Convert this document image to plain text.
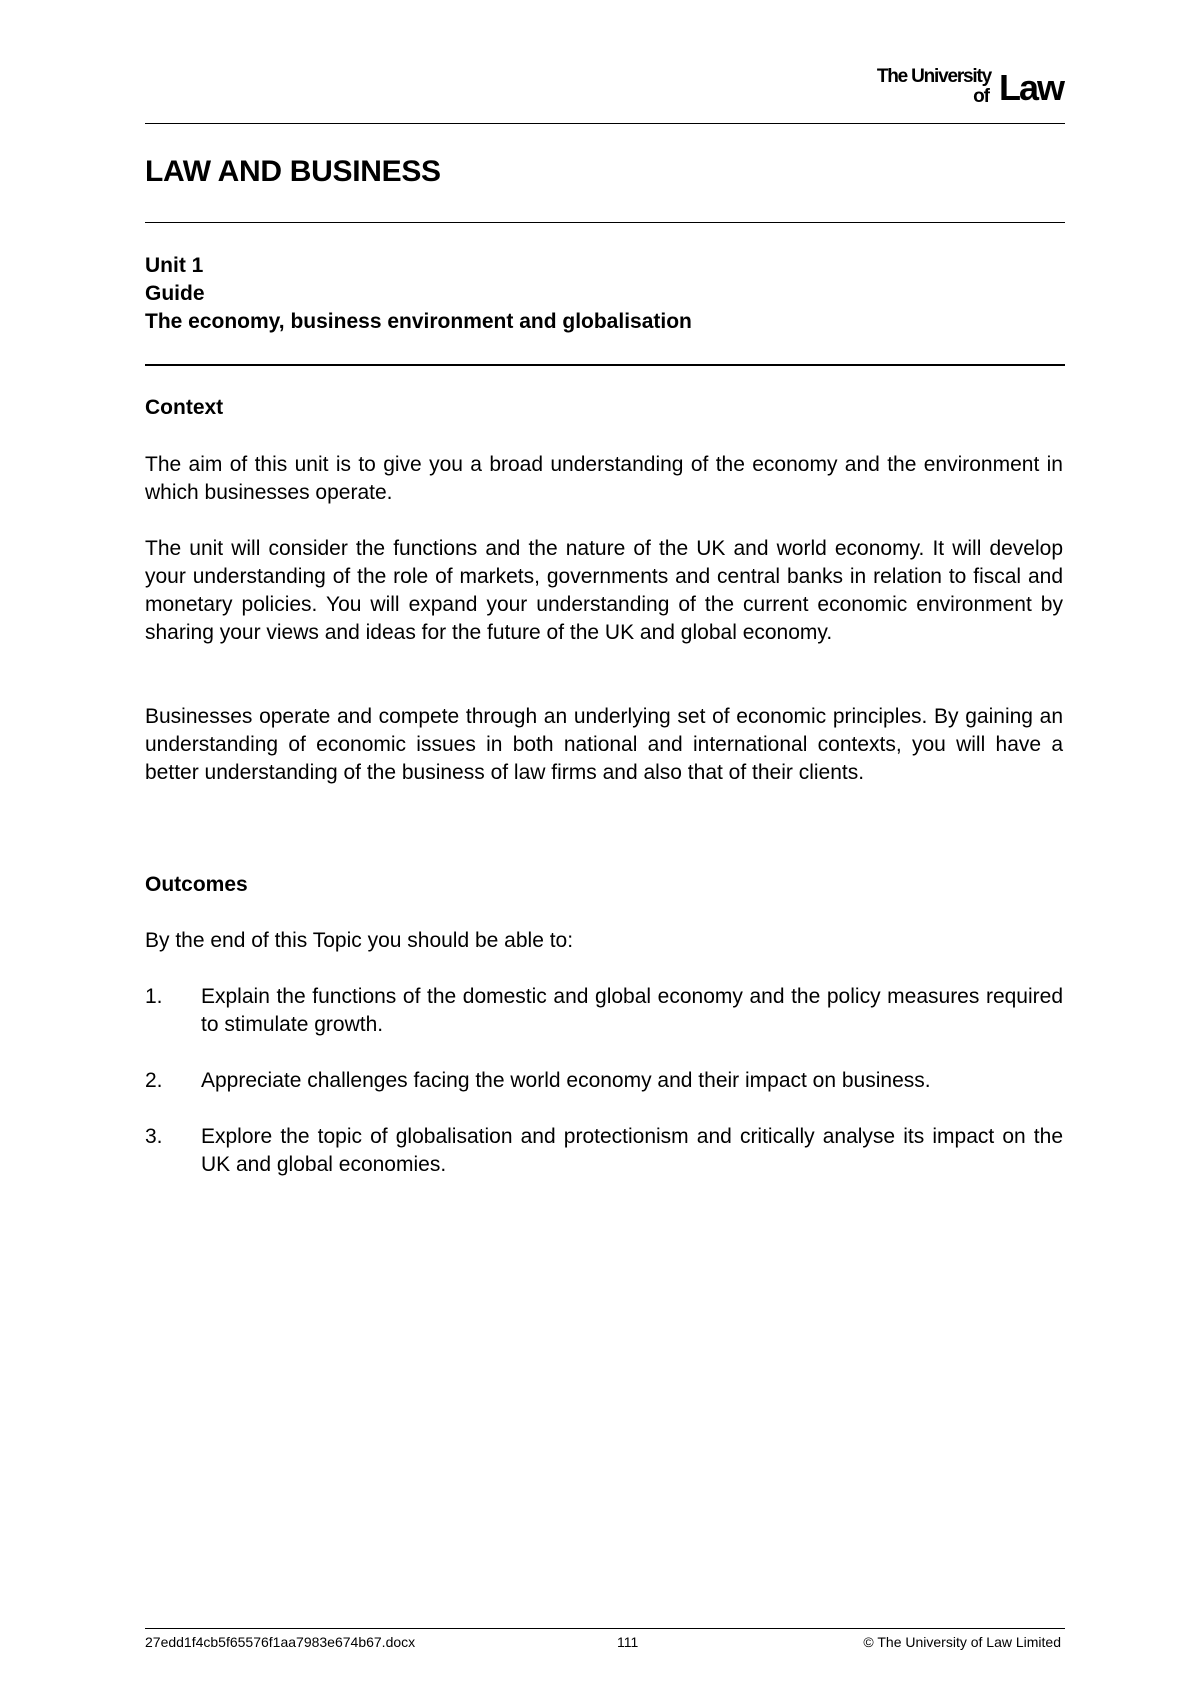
The University
of Law
LAW AND BUSINESS
Unit 1
Guide
The economy, business environment and globalisation
Context
The aim of this unit is to give you a broad understanding of the economy and the environment in which businesses operate.
The unit will consider the functions and the nature of the UK and world economy. It will develop your understanding of the role of markets, governments and central banks in relation to fiscal and monetary policies. You will expand your understanding of the current economic environment by sharing your views and ideas for the future of the UK and global economy.
Businesses operate and compete through an underlying set of economic principles. By gaining an understanding of economic issues in both national and international contexts, you will have a better understanding of the business of law firms and also that of their clients.
Outcomes
By the end of this Topic you should be able to:
1. Explain the functions of the domestic and global economy and the policy measures required to stimulate growth.
2. Appreciate challenges facing the world economy and their impact on business.
3. Explore the topic of globalisation and protectionism and critically analyse its impact on the UK and global economies.
27edd1f4cb5f65576f1aa7983e674b67.docx	111	© The University of Law Limited
